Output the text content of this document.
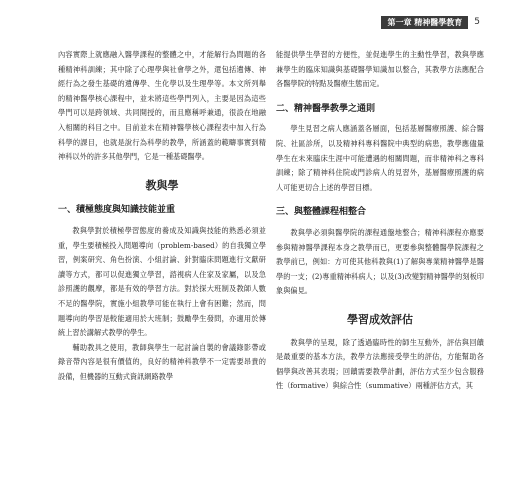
第一章 精神醫學教育	5

內容實際上就應融入醫學課程的整體之中，才能解行為問題的各種精神科訓練；其中除了心理學與社會學之外，還包括遺傳、神經行為之發生基礎的遺傳學、生化學以及生理學等。本文所列舉的精神醫學核心課程中，並未將這些學門列入，主要是因為這些學門可以是跨領域、共同開授的，而且應稱呼兼通，很設在地融入相關的科目之中。目前並未在精神醫學核心課程表中加入行為科學的課目，也就是說行為科學的教學，所涵蓋的範疇事實到精神科以外的許多其他學門，它是一種基礎醫學。

教與學
一、積極態度與知識技能並重

教與學對於積極學習態度的養成及知識與技能的熟悉必須並重，學生要積極投入問題導向（problem-based）的自我獨立學習，例案研究、角色扮演、小組討論、針對臨床問題進行文獻研讀等方式，都可以促進獨立學習，諮視病人住家及家屬，以及急診照護的觀摩，都是有效的學習方法。對於探大班制及教師人數不足的醫學院，實施小組教學可能在執行上會有困難；然而，問題導向的學習是較能適用於大班制；鼓勵學生發問，亦適用於傳統上習於講解式教學的學生。

輔助教具之使用，教師與學生一起討論自製的會議錄影帶或錄音帶內容是很有價值的，良好的精神科教學不一定需要昂貴的設備，但機器的互動式資訊網路教學

能提供學生學習的方便性，並促進學生的主動性學習，教與學應兼學生的臨床知識與基礎醫學知識加以整合，其教學方法應配合各醫學院的特點及醫療生態而定。

二、精神醫學教學之通則

學生見習之病人應涵蓋各層面，包括基層醫療照護、綜合醫院、社區診所，以及精神科專科醫院中典型的病患，教學應儘量學生在未來臨床生涯中可能遭遇的相關問題，而非精神科之專科訓練；除了精神科住院或門診病人的見習外，基層醫療照護的病人可能更切合上述的學習目標。

三、與整體課程相整合

教與學必須與醫學院的課程通盤地整合；精神科課程亦應要參與精神醫學課程本身之教學而已，更要參與整體醫學院課程之教學前已，例如：方可使其他科教與(1)了解與專業精神醫學是醫學的一支；(2)專重精神科病人；以及(3)改變對精神醫學的刻板印象與偏見。

學習成效評估

教與學的呈現，除了透過臨時性的師生互動外，評估與回饋是最重要的基本方法，教學方法應接受學生的評估，方能幫助各個學與改善其表現；回饋需要教學計劃，評估方式至少包含服務性（formative）與綜合性（summative）兩種評估方式，其
